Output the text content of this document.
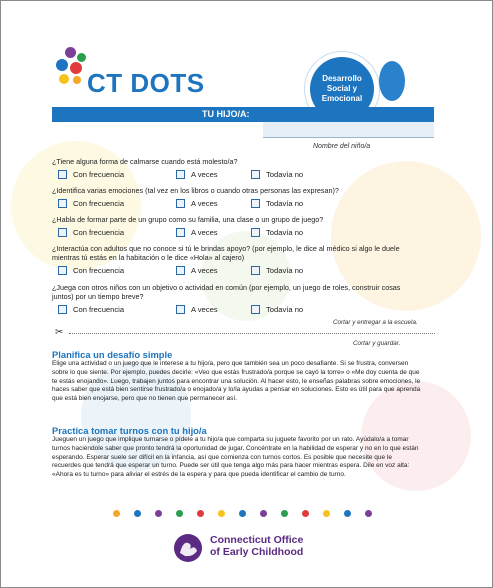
CT DOTS	Desarrollo
Social y
Emocional
TU HIJO/A:
Nombre del niño/a
¿Tiene alguna forma de calmarse cuando está molesto/a?
Con frecuencia	A veces	Todavía no
¿Identifica varias emociones (tal vez en los libros o cuando otras personas las expresan)?
Con frecuencia	A veces	Todavía no
¿Habla de formar parte de un grupo como su familia, una clase o un grupo de juego?
Con frecuencia	A veces	Todavía no
¿Interactúa con adultos que no conoce si tú le brindas apoyo? (por ejemplo, le dice al médico si algo le duele mientras tú estás en la habitación o le dice «Hola» al cajero)
Con frecuencia	A veces	Todavía no
¿Juega con otros niños con un objetivo o actividad en común (por ejemplo, un juego de roles, construir cosas juntos) por un tiempo breve?
Con frecuencia	A veces	Todavía no
Cortar y entregar a la escuela.
✂
Cortar y guardar.
Planifica un desafío simple
Elige una actividad o un juego que le interese a tu hijo/a, pero que también sea un poco desafiante. Si se frustra, conversen sobre lo que siente. Por ejemplo, puedes decirle: «Veo que estás frustrado/a porque se cayó la torre» o «Me doy cuenta de que te estás enojando». Luego, trabajen juntos para encontrar una solución. Al hacer esto, le enseñas palabras sobre emociones, le haces saber que está bien sentirse frustrado/a o enojado/a y lo/la ayudas a pensar en soluciones. Esto es útil para que aprenda que está bien enojarse, pero que no tienen que permanecer así.
Practica tomar turnos con tu hijo/a
Jueguen un juego que implique turnarse o pídele a tu hijo/a que comparta su juguete favorito por un rato. Ayúdalo/a a tomar turnos haciéndole saber que pronto tendrá la oportunidad de jugar. Concéntrate en la habilidad de esperar y no en lo que están esperando. Esperar suele ser difícil en la infancia, así que comienza con turnos cortos. Es posible que necesite que le recuerdes que tendrá que esperar un turno. Puede ser útil que tenga algo más para hacer mientras espera. Dile en voz alta: «Ahora es tu turno» para aliviar el estrés de la espera y para que pueda identificar el cambio de turno.
Connecticut Office
of Early Childhood
